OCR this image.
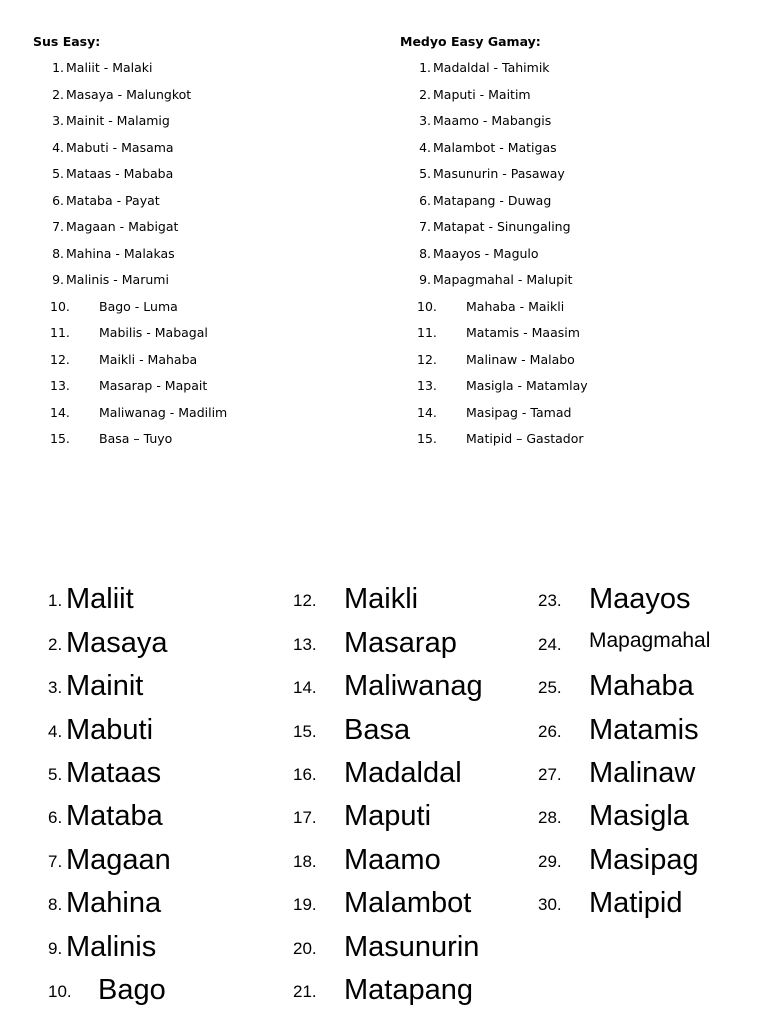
Sus Easy:	Medyo Easy Gamay:
1. Maliit - Malaki
2. Masaya - Malungkot
3. Mainit - Malamig
4. Mabuti - Masama
5. Mataas - Mababa
6. Mataba - Payat
7. Magaan - Mabigat
8. Mahina - Malakas
9. Malinis - Marumi
10. Bago - Luma
11. Mabilis - Mabagal
12. Maikli - Mahaba
13. Masarap - Mapait
14. Maliwanag - Madilim
15. Basa – Tuyo
1. Madaldal - Tahimik
2. Maputi - Maitim
3. Maamo - Mabangis
4. Malambot - Matigas
5. Masunurin - Pasaway
6. Matapang - Duwag
7. Matapat - Sinungaling
8. Maayos - Magulo
9. Mapagmahal - Malupit
10. Mahaba - Maikli
11. Matamis - Maasim
12. Malinaw - Malabo
13. Masigla - Matamlay
14. Masipag - Tamad
15. Matipid – Gastador
1. Maliit
2. Masaya
3. Mainit
4. Mabuti
5. Mataas
6. Mataba
7. Magaan
8. Mahina
9. Malinis
10. Bago
12. Maikli
13. Masarap
14. Maliwanag
15. Basa
16. Madaldal
17. Maputi
18. Maamo
19. Malambot
20. Masunurin
21. Matapang
23. Maayos
24. Mapagmahal
25. Mahaba
26. Matamis
27. Malinaw
28. Masigla
29. Masipag
30. Matipid
